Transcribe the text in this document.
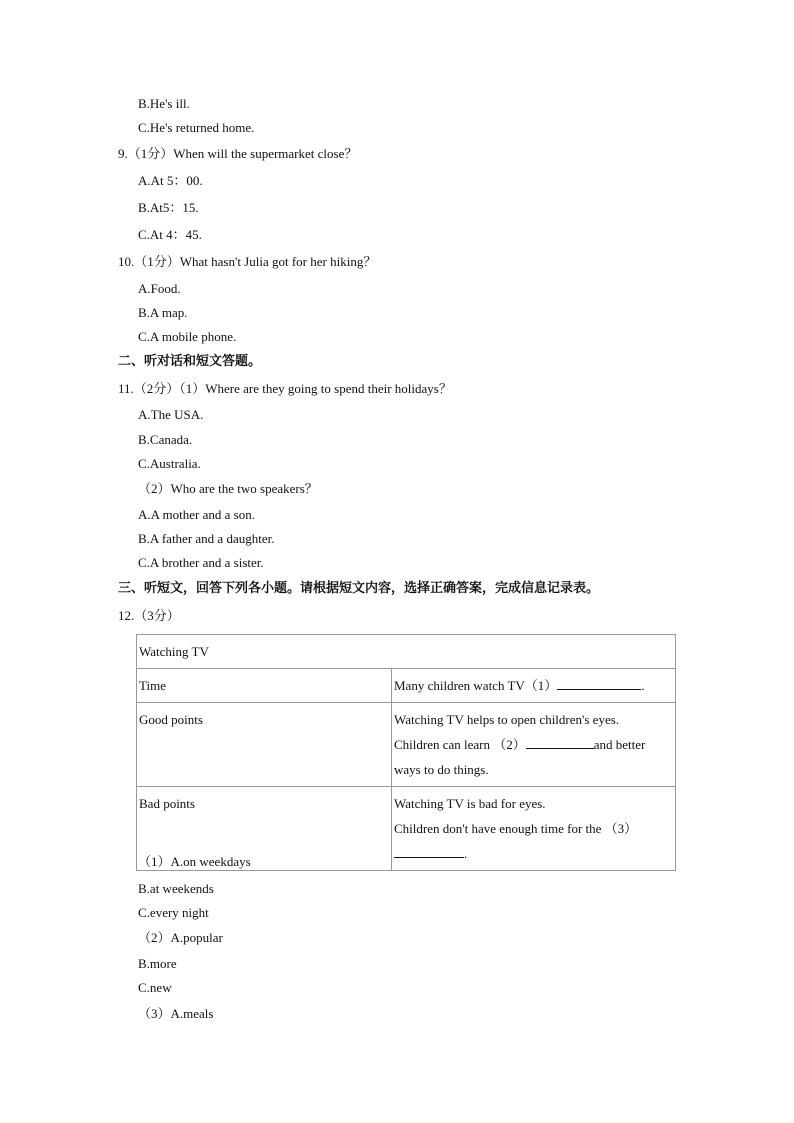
B.He's ill.
C.He's returned home.
9.（1分）When will the supermarket close？
A.At 5：00.
B.At5：15.
C.At 4：45.
10.（1分）What hasn't Julia got for her hiking？
A.Food.
B.A map.
C.A mobile phone.
二、听对话和短文答题。
11.（2分）（1）Where are they going to spend their holidays？
A.The USA.
B.Canada.
C.Australia.
（2）Who are the two speakers？
A.A mother and a son.
B.A father and a daughter.
C.A brother and a sister.
三、听短文，回答下列各小题。请根据短文内容，选择正确答案，完成信息记录表。
12.（3分）
Watching TV	
Time	Many children watch TV（1） .
Good points	Watching TV helps to open children's eyes.
Children can learn （2） and better
ways to do things.

Bad points	Watching TV is bad for eyes.
Children don't have enough time for the （3）
.
（1）A.on weekdays
B.at weekends
C.every night
（2）A.popular
B.more
C.new
（3）A.meals
